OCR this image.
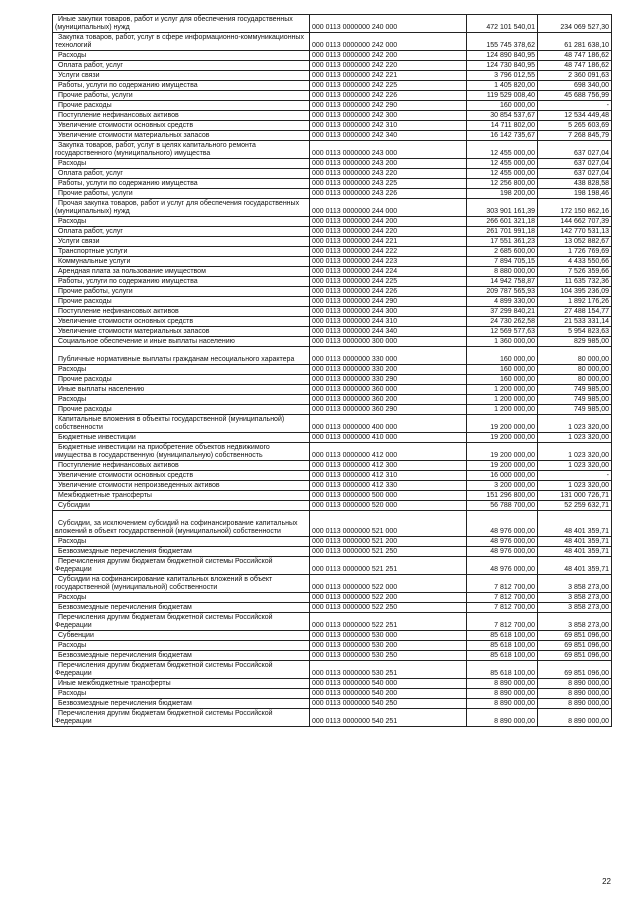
Иные закупки товаров, работ и услуг для обеспечения государственных (муниципальных) нужд	000 0113 0000000 240 000	472 101 540,01	234 069 527,30
Закупка товаров, работ, услуг в сфере информационно-коммуникационных технологий	000 0113 0000000 242 000	155 745 378,62	61 281 638,10
Расходы	000 0113 0000000 242 200	124 890 840,95	48 747 186,62
Оплата работ, услуг	000 0113 0000000 242 220	124 730 840,95	48 747 186,62
Услуги связи	000 0113 0000000 242 221	3 796 012,55	2 360 091,63
Работы, услуги по содержанию имущества	000 0113 0000000 242 225	1 405 820,00	698 340,00
Прочие работы, услуги	000 0113 0000000 242 226	119 529 008,40	45 688 756,99
Прочие расходы	000 0113 0000000 242 290	160 000,00	-
Поступление нефинансовых активов	000 0113 0000000 242 300	30 854 537,67	12 534 449,48
Увеличение стоимости основных средств	000 0113 0000000 242 310	14 711 802,00	5 265 603,69
Увеличение стоимости материальных запасов	000 0113 0000000 242 340	16 142 735,67	7 268 845,79
Закупка товаров, работ, услуг в целях капитального ремонта государственного (муниципального) имущества	000 0113 0000000 243 000	12 455 000,00	637 027,04
Расходы	000 0113 0000000 243 200	12 455 000,00	637 027,04
Оплата работ, услуг	000 0113 0000000 243 220	12 455 000,00	637 027,04
Работы, услуги по содержанию имущества	000 0113 0000000 243 225	12 256 800,00	438 828,58
Прочие работы, услуги	000 0113 0000000 243 226	198 200,00	198 198,46
Прочая закупка товаров, работ и услуг для обеспечения государственных (муниципальных) нужд	000 0113 0000000 244 000	303 901 161,39	172 150 862,16
Расходы	000 0113 0000000 244 200	266 601 321,18	144 662 707,39
Оплата работ, услуг	000 0113 0000000 244 220	261 701 991,18	142 770 531,13
Услуги связи	000 0113 0000000 244 221	17 551 361,23	13 052 882,67
Транспортные услуги	000 0113 0000000 244 222	2 685 600,00	1 726 769,69
Коммунальные услуги	000 0113 0000000 244 223	7 894 705,15	4 433 550,66
Арендная плата за пользование имуществом	000 0113 0000000 244 224	8 880 000,00	7 526 359,66
Работы, услуги по содержанию имущества	000 0113 0000000 244 225	14 942 758,87	11 635 732,36
Прочие работы, услуги	000 0113 0000000 244 226	209 787 565,93	104 395 236,09
Прочие расходы	000 0113 0000000 244 290	4 899 330,00	1 892 176,26
Поступление нефинансовых активов	000 0113 0000000 244 300	37 299 840,21	27 488 154,77
Увеличение стоимости основных средств	000 0113 0000000 244 310	24 730 262,58	21 533 331,14
Увеличение стоимости материальных запасов	000 0113 0000000 244 340	12 569 577,63	5 954 823,63
Социальное обеспечение и иные выплаты населению	000 0113 0000000 300 000	1 360 000,00	829 985,00
Публичные нормативные выплаты гражданам несоциального характера	000 0113 0000000 330 000	160 000,00	80 000,00
Расходы	000 0113 0000000 330 200	160 000,00	80 000,00
Прочие расходы	000 0113 0000000 330 290	160 000,00	80 000,00
Иные выплаты населению	000 0113 0000000 360 000	1 200 000,00	749 985,00
Расходы	000 0113 0000000 360 200	1 200 000,00	749 985,00
Прочие расходы	000 0113 0000000 360 290	1 200 000,00	749 985,00
Капитальные вложения в объекты государственной (муниципальной) собственности	000 0113 0000000 400 000	19 200 000,00	1 023 320,00
Бюджетные инвестиции	000 0113 0000000 410 000	19 200 000,00	1 023 320,00
Бюджетные инвестиции на приобретение объектов недвижимого имущества в государственную (муниципальную) собственность	000 0113 0000000 412 000	19 200 000,00	1 023 320,00
Поступление нефинансовых активов	000 0113 0000000 412 300	19 200 000,00	1 023 320,00
Увеличение стоимости основных средств	000 0113 0000000 412 310	16 000 000,00	-
Увеличение стоимости непроизведенных активов	000 0113 0000000 412 330	3 200 000,00	1 023 320,00
Межбюджетные трансферты	000 0113 0000000 500 000	151 296 800,00	131 000 726,71
Субсидии	000 0113 0000000 520 000	56 788 700,00	52 259 632,71
Субсидии, за исключением субсидий на софинансирование капитальных вложений в объект государственной (муниципальной) собственности	000 0113 0000000 521 000	48 976 000,00	48 401 359,71
Расходы	000 0113 0000000 521 200	48 976 000,00	48 401 359,71
Безвозмездные перечисления бюджетам	000 0113 0000000 521 250	48 976 000,00	48 401 359,71
Перечисления другим бюджетам бюджетной системы Российской Федерации	000 0113 0000000 521 251	48 976 000,00	48 401 359,71
Субсидии на софинансирование капитальных вложений в объект государственной (муниципальной) собственности	000 0113 0000000 522 000	7 812 700,00	3 858 273,00
Расходы	000 0113 0000000 522 200	7 812 700,00	3 858 273,00
Безвозмездные перечисления бюджетам	000 0113 0000000 522 250	7 812 700,00	3 858 273,00
Перечисления другим бюджетам бюджетной системы Российской Федерации	000 0113 0000000 522 251	7 812 700,00	3 858 273,00
Субвенции	000 0113 0000000 530 000	85 618 100,00	69 851 096,00
Расходы	000 0113 0000000 530 200	85 618 100,00	69 851 096,00
Безвозмездные перечисления бюджетам	000 0113 0000000 530 250	85 618 100,00	69 851 096,00
Перечисления другим бюджетам бюджетной системы Российской Федерации	000 0113 0000000 530 251	85 618 100,00	69 851 096,00
Иные межбюджетные трансферты	000 0113 0000000 540 000	8 890 000,00	8 890 000,00
Расходы	000 0113 0000000 540 200	8 890 000,00	8 890 000,00
Безвозмездные перечисления бюджетам	000 0113 0000000 540 250	8 890 000,00	8 890 000,00
Перечисления другим бюджетам бюджетной системы Российской Федерации	000 0113 0000000 540 251	8 890 000,00	8 890 000,00
22
